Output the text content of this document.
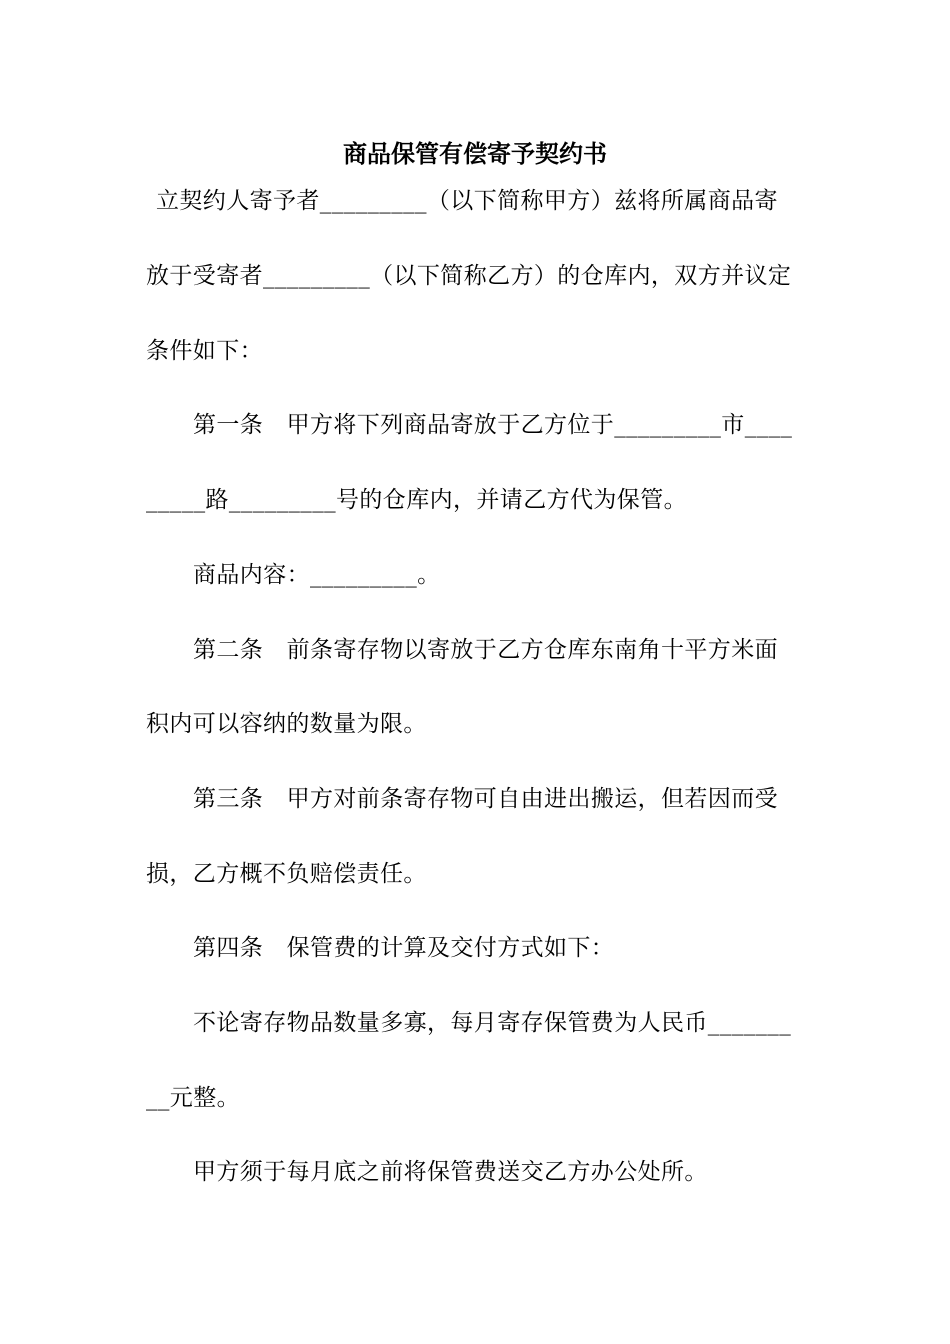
商品保管有偿寄予契约书
立契约人寄予者_________（以下简称甲方）兹将所属商品寄
放于受寄者_________（以下简称乙方）的仓库内，双方并议定
条件如下：
第一条　甲方将下列商品寄放于乙方位于_________市____
_____路_________号的仓库内，并请乙方代为保管。
商品内容：_________。
第二条　前条寄存物以寄放于乙方仓库东南角十平方米面
积内可以容纳的数量为限。
第三条　甲方对前条寄存物可自由进出搬运，但若因而受
损，乙方概不负赔偿责任。
第四条　保管费的计算及交付方式如下：
不论寄存物品数量多寡，每月寄存保管费为人民币_______
__元整。
甲方须于每月底之前将保管费送交乙方办公处所。
